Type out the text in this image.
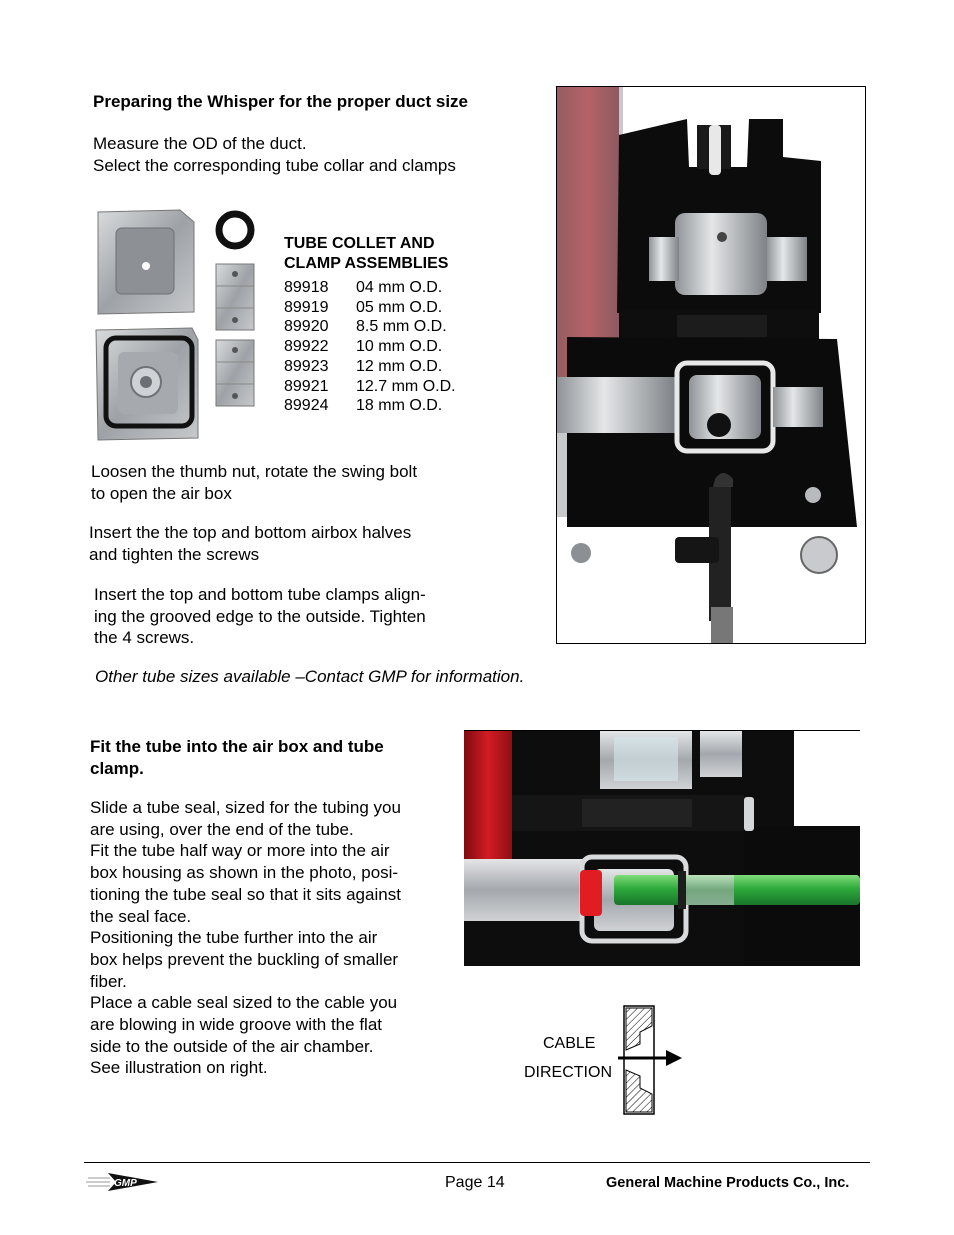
Preparing the Whisper for the proper duct size
Measure the OD of the duct.
Select the corresponding tube collar and clamps
TUBE COLLET AND
CLAMP ASSEMBLIES
89918 04 mm O.D.
89919 05 mm O.D.
89920 8.5 mm O.D.
89922 10 mm O.D.
89923 12 mm O.D.
89921 12.7 mm O.D.
89924 18 mm O.D.
Loosen the thumb nut, rotate the swing bolt
to open the air box
Insert the the top and bottom airbox halves
and tighten the screws
Insert the top and bottom tube clamps align-
ing the grooved edge to the outside. Tighten
the 4 screws.
Other tube sizes available –Contact GMP for information.
Fit the tube into the air box and tube
clamp.
Slide a tube seal, sized for the tubing you
are using, over the end of the tube.
Fit the tube half way or more into the air
box housing as shown in the photo, posi-
tioning the tube seal so that it sits against
the seal face.
Positioning the tube further into the air
box helps prevent the buckling of smaller
fiber.
Place a cable seal sized to the cable you
are blowing in wide groove with the flat
side to the outside of the air chamber.
See illustration on right.
CABLE
DIRECTION
GMP	Page 14	General Machine Products Co., Inc.
